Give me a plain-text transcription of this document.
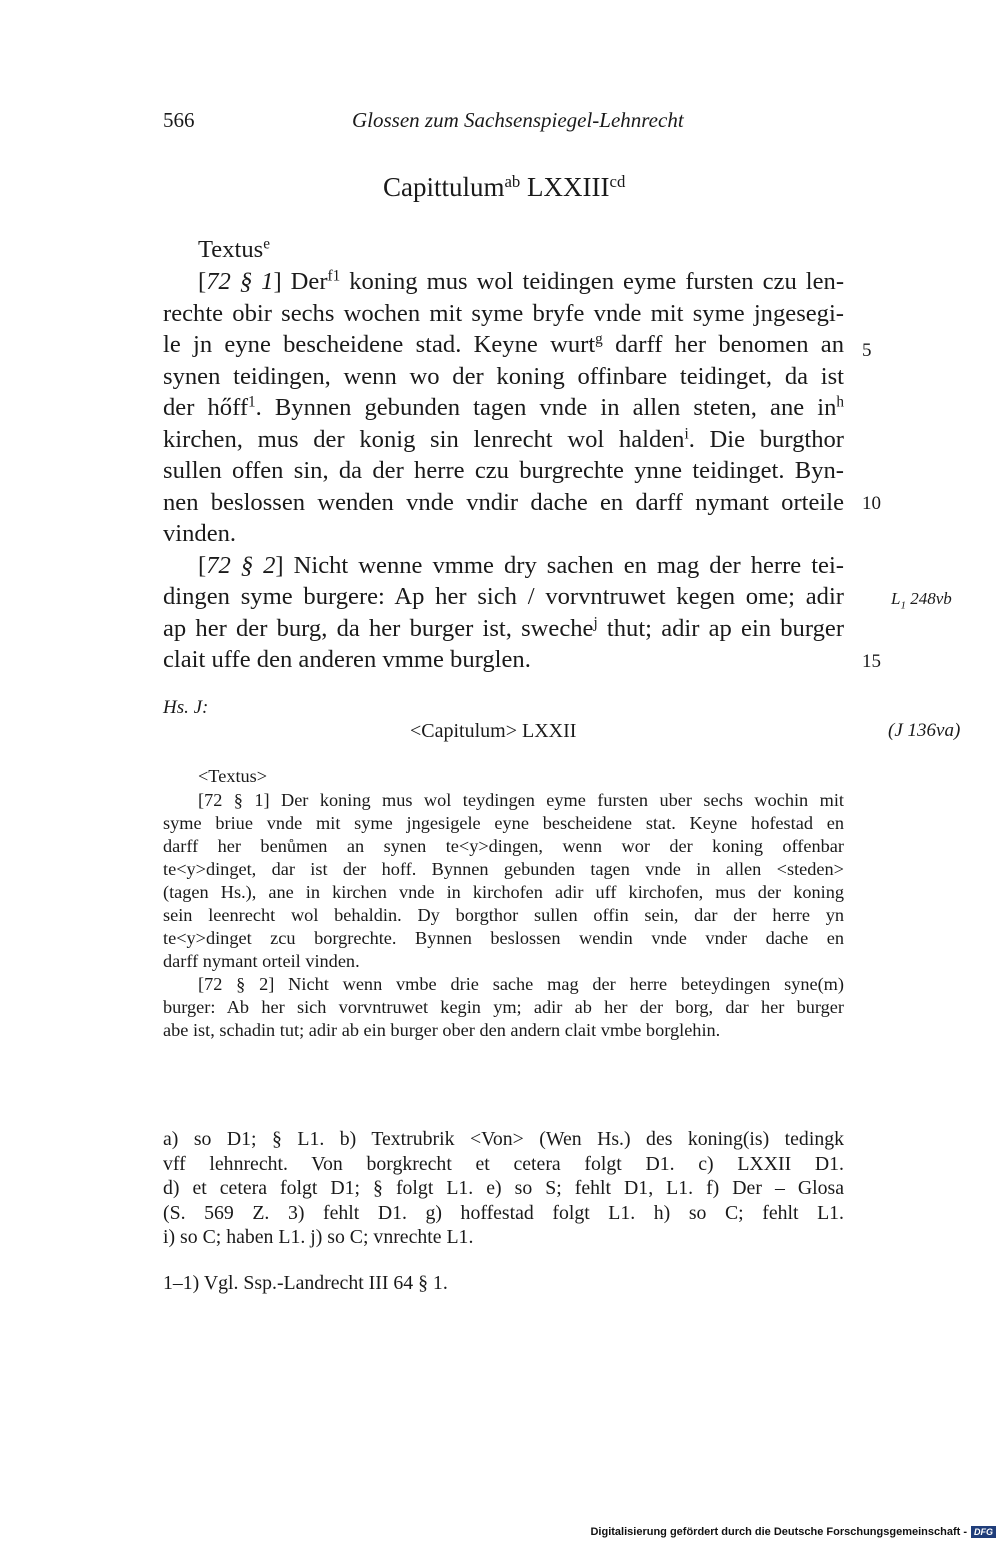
566	Glossen zum Sachsenspiegel-Lehnrecht
Capittulum$^{ab}$ $LXXIII^{cd}$
Textus$^e$
[72 § 1] Der$^{f1}$ koning mus wol teidingen eyme fursten czu len-
rechte obir sechs wochen mit syme bryfe vnde mit syme jngesegi-
le jn eyne bescheidene stad. Keyne wurt$^g$ darff her benomen an
synen teidingen, wenn wo der koning offinbare teidinget, da ist
der hőff$^1$. Bynnen gebunden tagen vnde in allen steten, ane $in^h$
kirchen, mus der konig sin lenrecht wol halden$^i$. Die burgthor
sullen offen sin, da der herre czu burgrechte ynne teidinget. Byn-
nen beslossen wenden vnde vndir dache en darff nymant orteile
vinden.
[72 § 2] Nicht wenne vmme dry sachen en mag der herre tei-
dingen syme burgere: Ap her sich / vorvntruwet kegen ome; adir
ap her der burg, da her burger ist, sweche$^j$ thut; adir ap ein burger
clait uffe den anderen vmme burglen.
5
10
15
$L_1$ 248vb
Hs. J:
<Capitulum> LXXII	(J 136va)
<Textus>
[72 § 1] Der koning mus wol teydingen eyme fursten uber sechs wochin mit
syme briue vnde mit syme jngesigele eyne bescheidene stat. Keyne hofestad en
darff her benůmen an synen te<y>dingen, wenn wor der koning offenbar
te<y>dinget, dar ist der hoff. Bynnen gebunden tagen vnde in allen <steden>
(tagen Hs.), ane in kirchen vnde in kirchofen adir uff kirchofen, mus der koning
sein leenrecht wol behaldin. Dy borgthor sullen offin sein, dar der herre yn
te<y>dinget zcu borgrechte. Bynnen beslossen wendin vnde vnder dache en
darff nymant orteil vinden.
[72 § 2] Nicht wenn vmbe drie sache mag der herre beteydingen syne(m)
burger: Ab her sich vorvntruwet kegin ym; adir ab her der borg, dar her burger
abe ist, schadin tut; adir ab ein burger ober den andern clait vmbe borglehin.
a) so D1; § L1. b) Textrubrik <Von> (Wen Hs.) des koning(is) tedingk
vff lehnrecht. Von borgkrecht et cetera folgt D1. c) LXXII D1.
d) et cetera folgt D1; § folgt L1. e) so S; fehlt D1, L1. f) Der – Glosa
(S. 569 Z. 3) fehlt D1. g) hoffestad folgt L1. h) so C; fehlt L1.
i) so C; haben L1. j) so C; vnrechte L1.
1–1) Vgl. Ssp.-Landrecht III 64 § 1.
Digitalisierung gefördert durch die Deutsche Forschungsgemeinschaft - DFG
